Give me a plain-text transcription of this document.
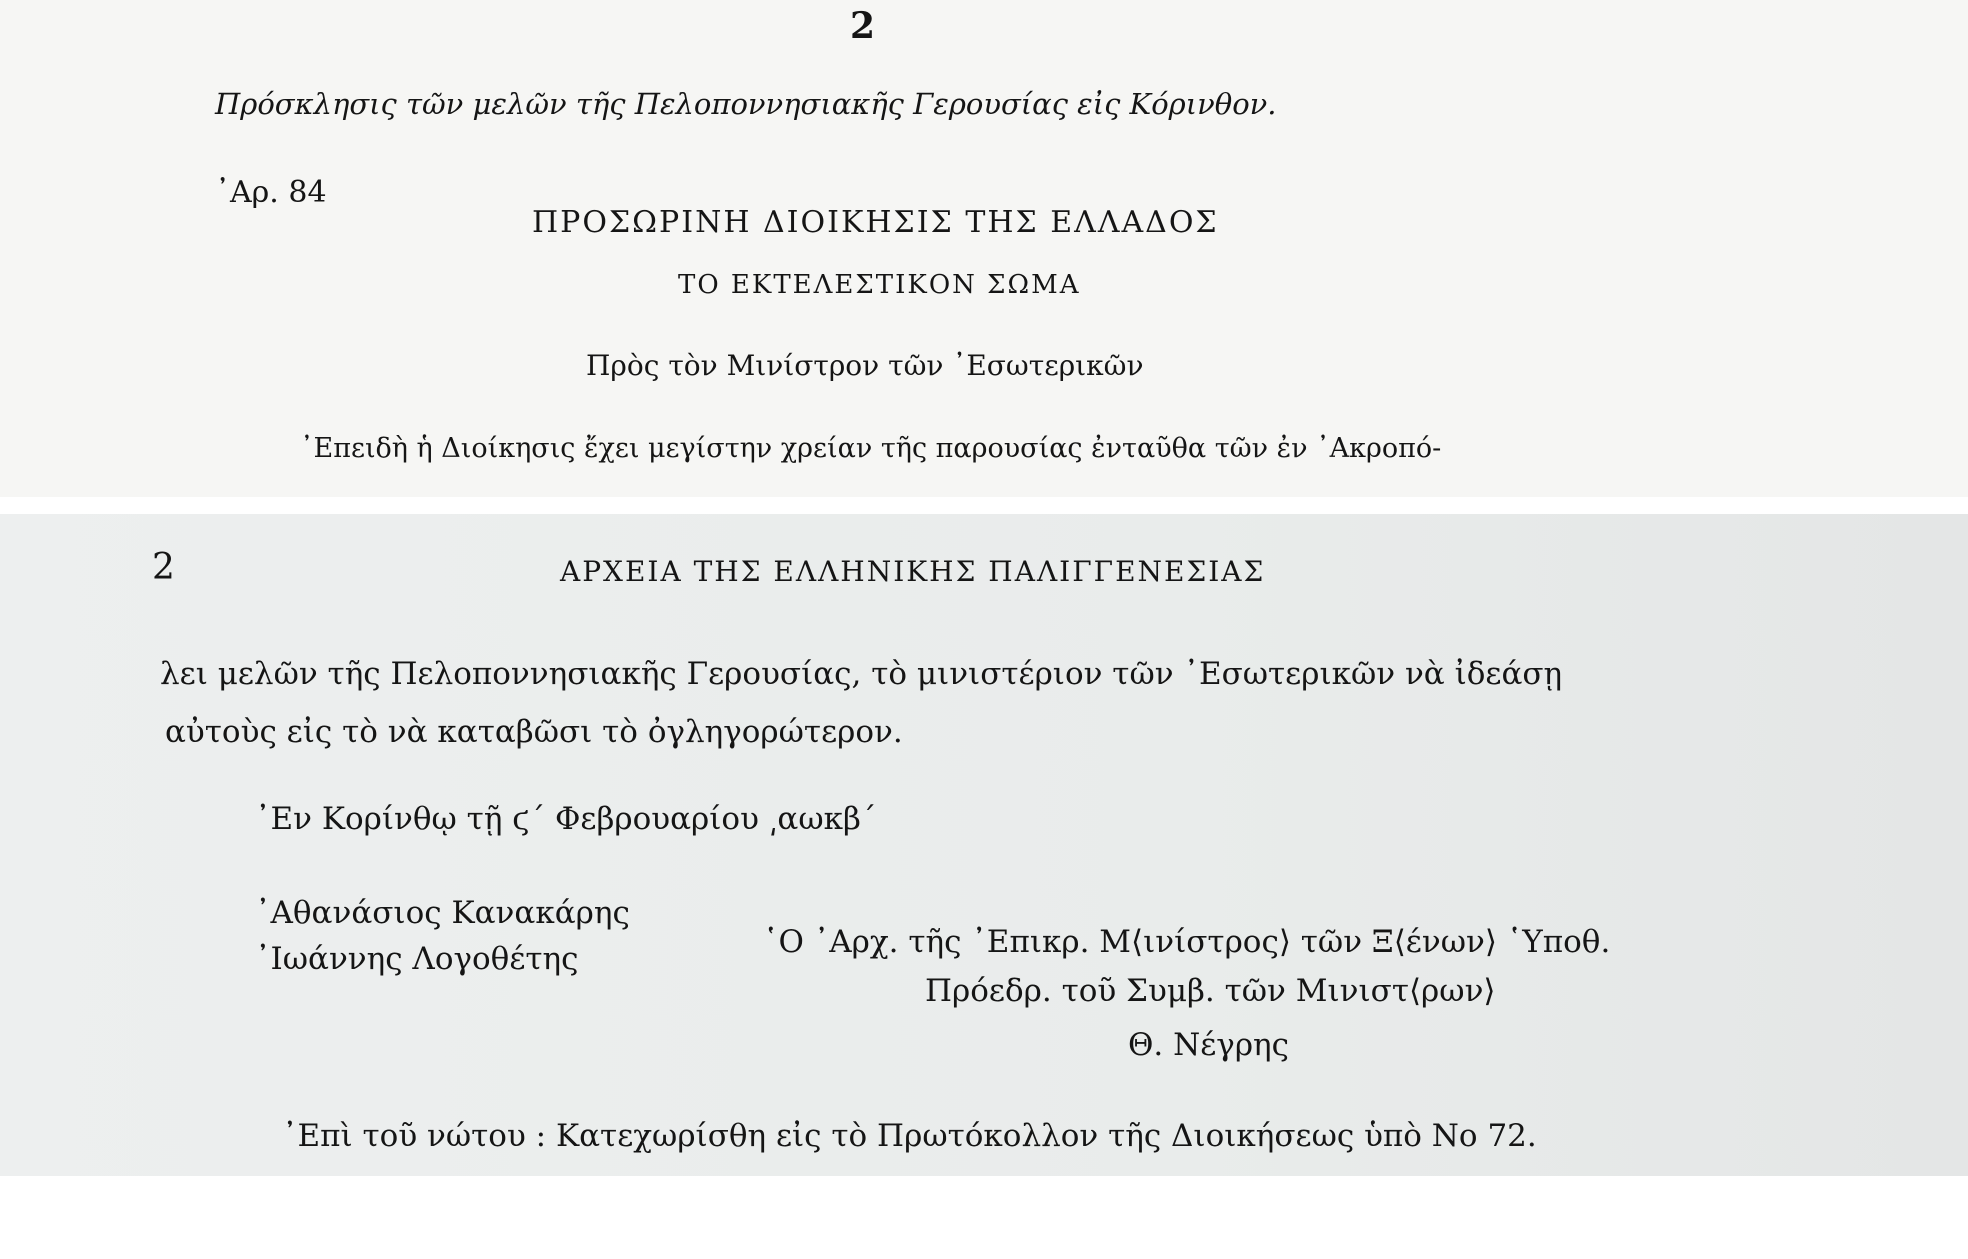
2
Πρόσκλησις τῶν μελῶν τῆς Πελοποννησιακῆς Γερουσίας εἰς Κόρινθον.
᾿Αρ. 84
ΠΡΟΣΩΡΙΝΗ ΔΙΟΙΚΗΣΙΣ ΤΗΣ ΕΛΛΑΔΟΣ
ΤΟ ΕΚΤΕΛΕΣΤΙΚΟΝ ΣΩΜΑ
Πρὸς τὸν Μινίστρον τῶν ᾿Εσωτερικῶν
᾿Επειδὴ ἡ Διοίκησις ἔχει μεγίστην χρείαν τῆς παρουσίας ἐνταῦθα τῶν ἐν ᾿Ακροπό-
2	ΑΡΧΕΙΑ ΤΗΣ ΕΛΛΗΝΙΚΗΣ ΠΑΛΙΓΓΕΝΕΣΙΑΣ
λει μελῶν τῆς Πελοποννησιακῆς Γερουσίας, τὸ μινιστέριον τῶν ᾿Εσωτερικῶν νὰ ἰδεάσῃ
αὐτοὺς εἰς τὸ νὰ καταβῶσι τὸ ὀγληγορώτερον.
᾿Εν Κορίνθῳ τῇ ϛ´ Φεβρουαρίου ͵αωκβ´
᾿Αθανάσιος Κανακάρης
᾿Ιωάννης Λογοθέτης	῾Ο ᾿Αρχ. τῆς ᾿Επικρ. Μ⟨ινίστρος⟩ τῶν Ξ⟨ένων⟩ ῾Υποθ.
Πρόεδρ. τοῦ Συμβ. τῶν Μινιστ⟨ρων⟩
Θ. Νέγρης
᾿Επὶ τοῦ νώτου : Κατεχωρίσθη εἰς τὸ Πρωτόκολλον τῆς Διοικήσεως ὑπὸ Νο 72.
